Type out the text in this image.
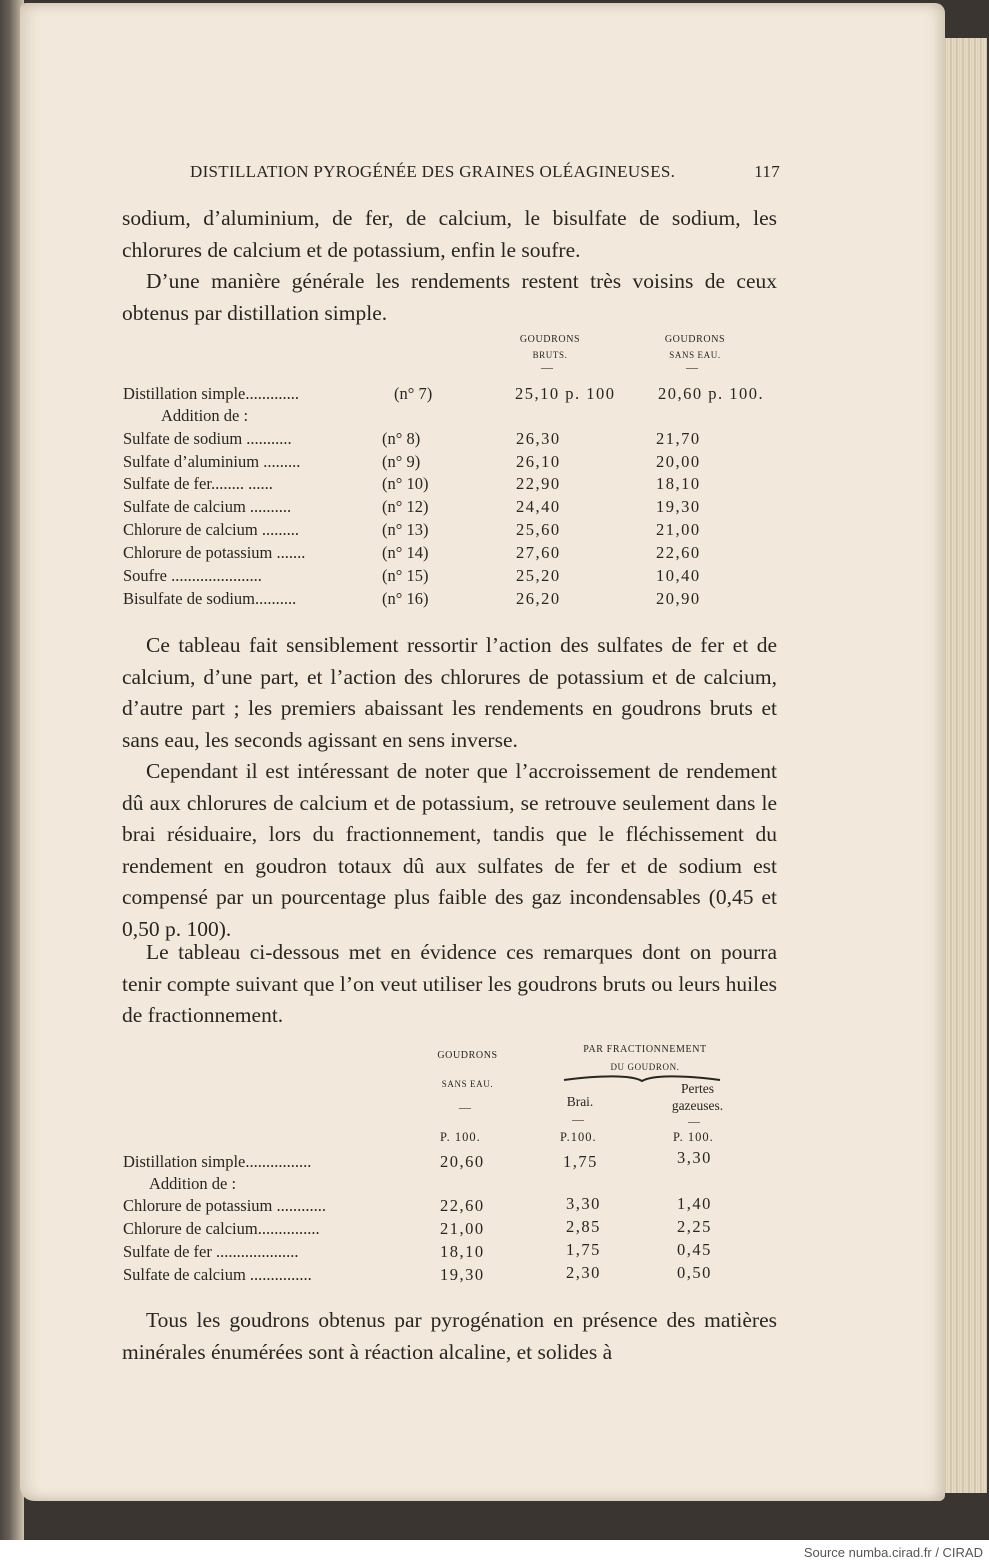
DISTILLATION PYROGÉNÉE DES GRAINES OLÉAGINEUSES.	117

sodium, d’aluminium, de fer, de calcium, le bisulfate de sodium, les chlorures de calcium et de potassium, enfin le soufre.

D’une manière générale les rendements restent très voisins de ceux obtenus par distillation simple.

GOUDRONS
BRUTS.
—
GOUDRONS
SANS EAU.
—
Distillation simple.............	(n° 7)	25,10 p. 100	20,60 p. 100.
Addition de :
Sulfate de sodium ...........	(n° 8)	26,30	21,70
Sulfate d’aluminium .........	(n° 9)	26,10	20,00
Sulfate de fer........ ......	(n° 10)	22,90	18,10
Sulfate de calcium ..........	(n° 12)	24,40	19,30
Chlorure de calcium .........	(n° 13)	25,60	21,00
Chlorure de potassium .......	(n° 14)	27,60	22,60
Soufre ......................	(n° 15)	25,20	10,40
Bisulfate de sodium..........	(n° 16)	26,20	20,90

Ce tableau fait sensiblement ressortir l’action des sulfates de fer et de calcium, d’une part, et l’action des chlorures de potassium et de calcium, d’autre part ; les premiers abaissant les rendements en goudrons bruts et sans eau, les seconds agissant en sens inverse.

Cependant il est intéressant de noter que l’accroissement de rendement dû aux chlorures de calcium et de potassium, se retrouve seulement dans le brai résiduaire, lors du fractionnement, tandis que le fléchissement du rendement en goudron totaux dû aux sulfates de fer et de sodium est compensé par un pourcentage plus faible des gaz incondensables (0,45 et 0,50 p. 100).

Le tableau ci-dessous met en évidence ces remarques dont on pourra tenir compte suivant que l’on veut utiliser les goudrons bruts ou leurs huiles de fractionnement.

GOUDRONS
SANS EAU.
—
PAR FRACTIONNEMENT
DU GOUDRON.
Brai.
—
Pertes
gazeuses.
—
P. 100.	P.100.	P. 100.
Distillation simple................	20,60	1,75	3,30
Addition de :
Chlorure de potassium ............	22,60	3,30	1,40
Chlorure de calcium...............	21,00	2,85	2,25
Sulfate de fer ....................	18,10	1,75	0,45
Sulfate de calcium ...............	19,30	2,30	0,50

Tous les goudrons obtenus par pyrogénation en présence des matières minérales énumérées sont à réaction alcaline, et solides à

Source numba.cirad.fr / CIRAD
